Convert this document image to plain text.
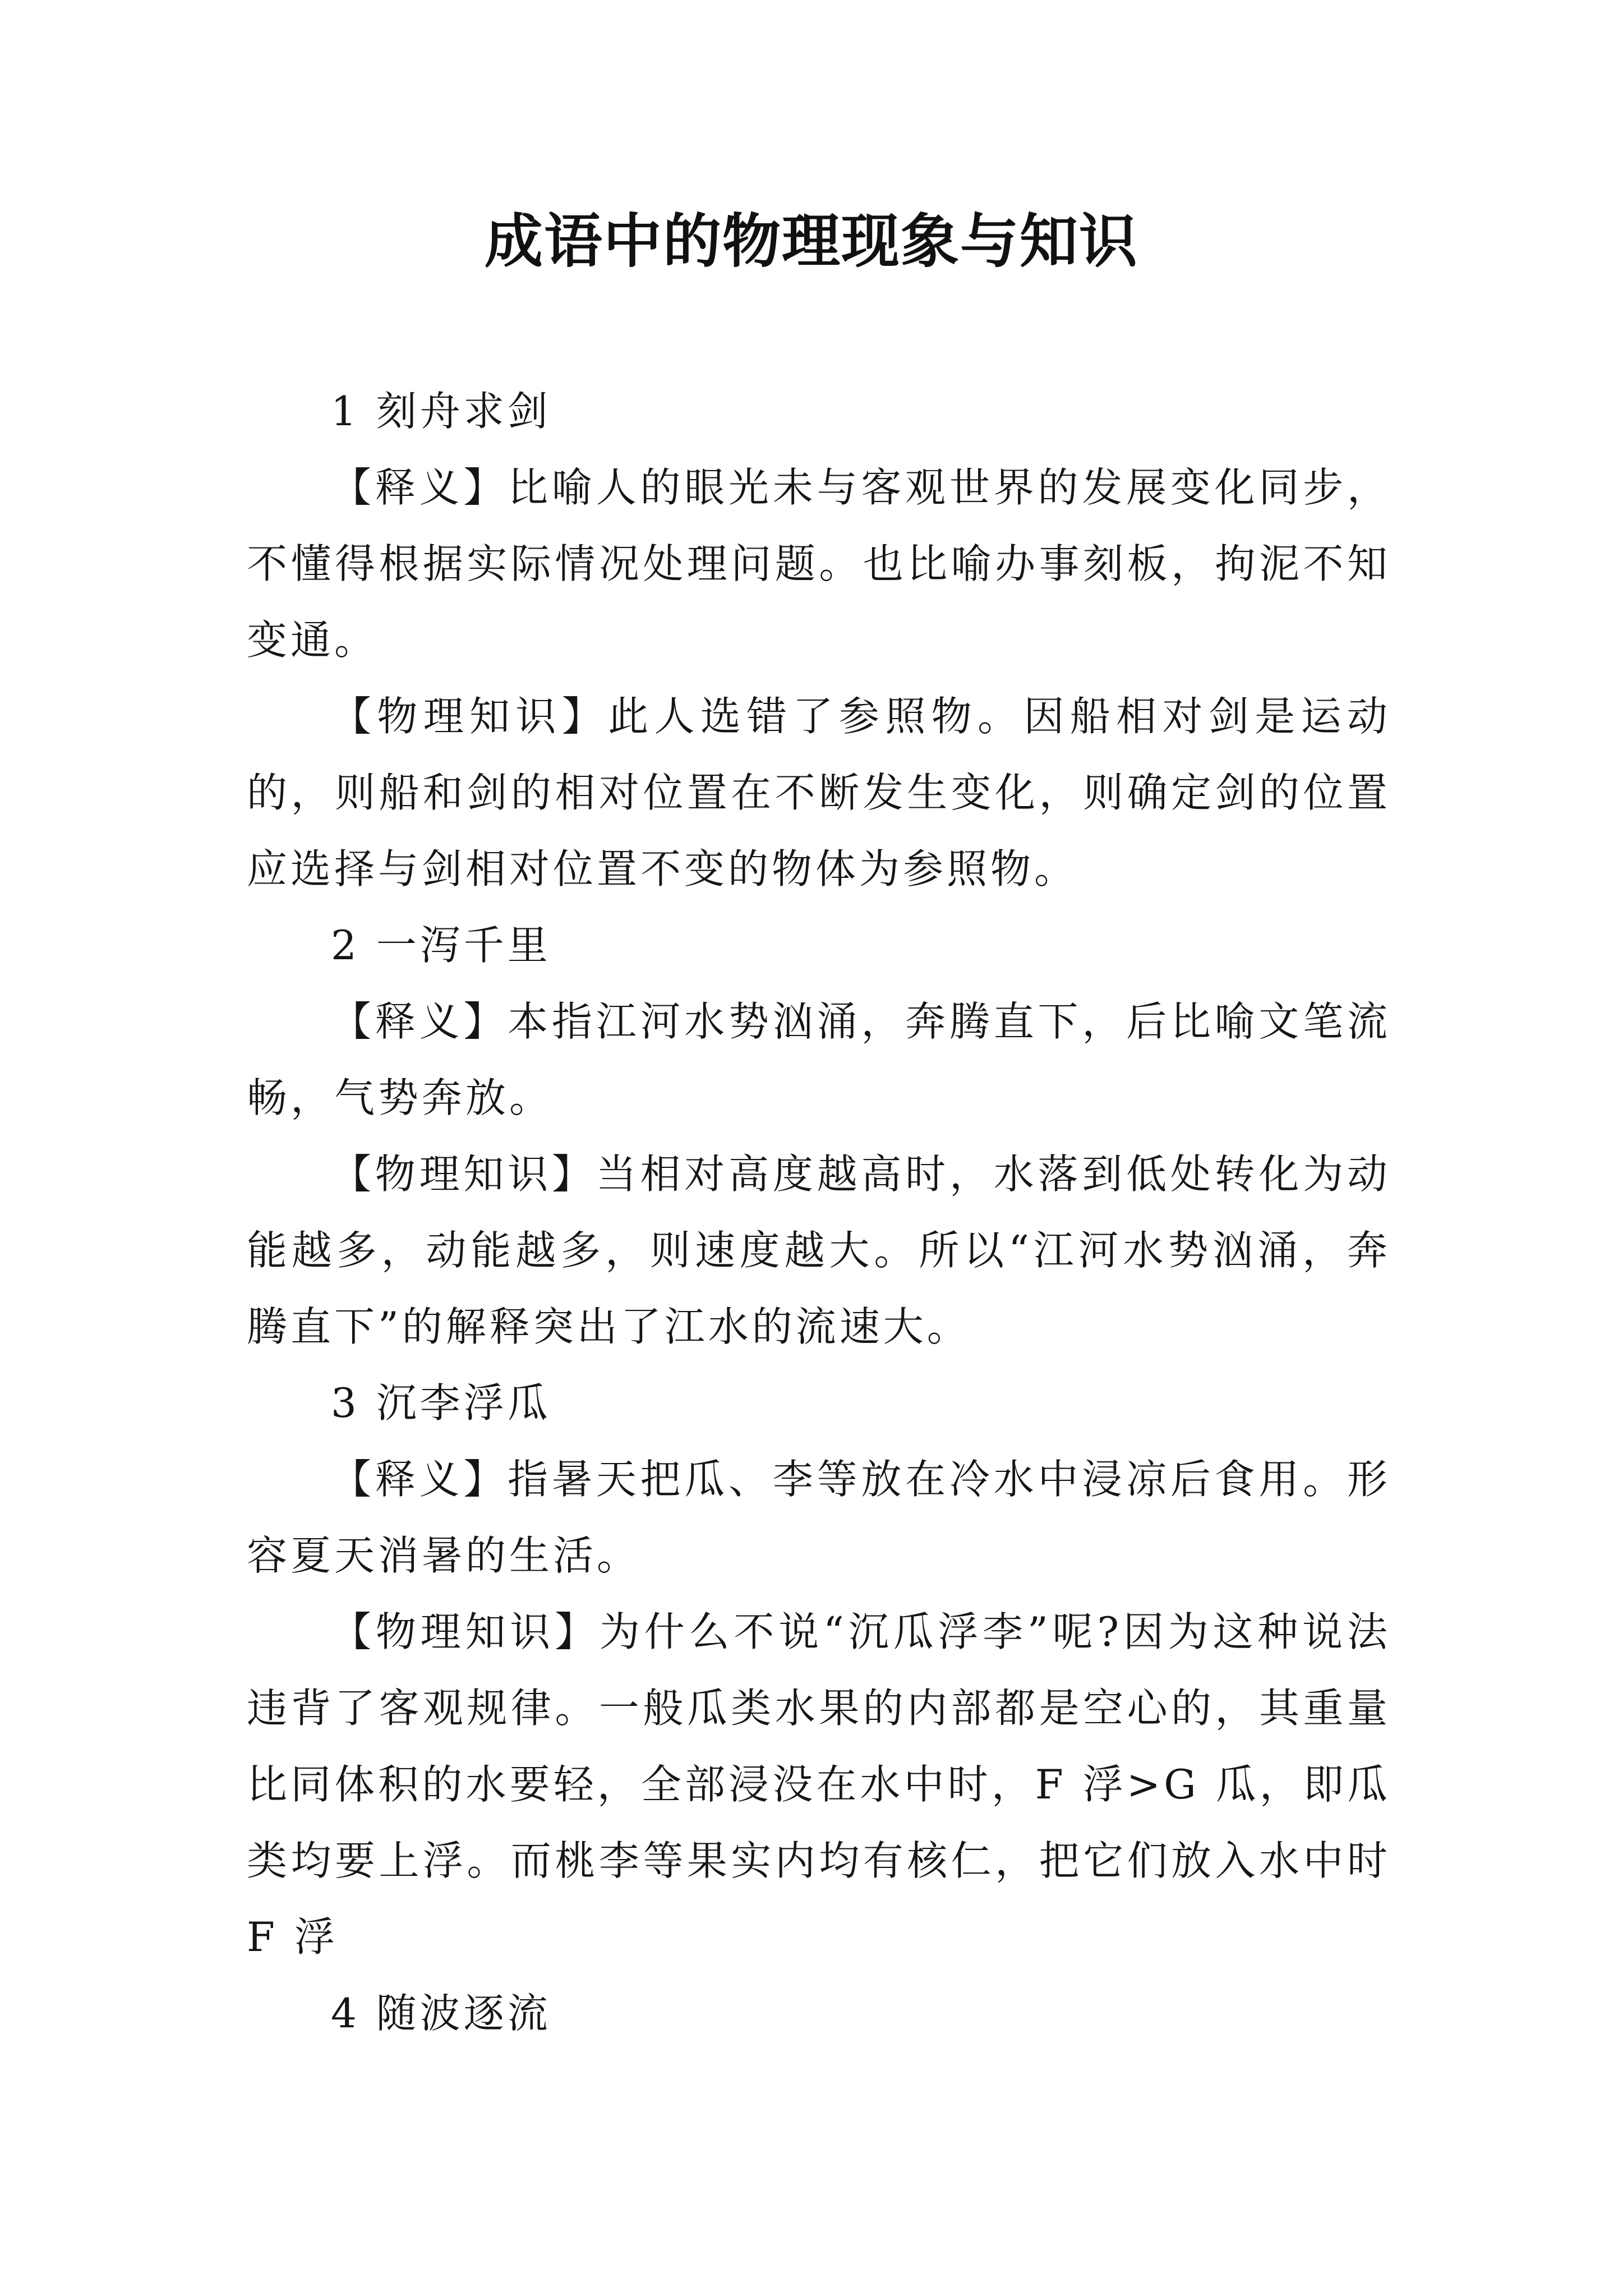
成语中的物理现象与知识

1 刻舟求剑

【释义】比喻人的眼光未与客观世界的发展变化同步，不懂得根据实际情况处理问题。也比喻办事刻板，拘泥不知变通。

【物理知识】此人选错了参照物。因船相对剑是运动的，则船和剑的相对位置在不断发生变化，则确定剑的位置应选择与剑相对位置不变的物体为参照物。

2 一泻千里

【释义】本指江河水势汹涌，奔腾直下，后比喻文笔流畅，气势奔放。

【物理知识】当相对高度越高时，水落到低处转化为动能越多，动能越多，则速度越大。所以“江河水势汹涌，奔腾直下”的解释突出了江水的流速大。

3 沉李浮瓜

【释义】指暑天把瓜、李等放在冷水中浸凉后食用。形容夏天消暑的生活。

【物理知识】为什么不说“沉瓜浮李”呢?因为这种说法违背了客观规律。一般瓜类水果的内部都是空心的，其重量比同体积的水要轻，全部浸没在水中时，F 浮>G 瓜，即瓜类均要上浮。而桃李等果实内均有核仁，把它们放入水中时F 浮

4 随波逐流
